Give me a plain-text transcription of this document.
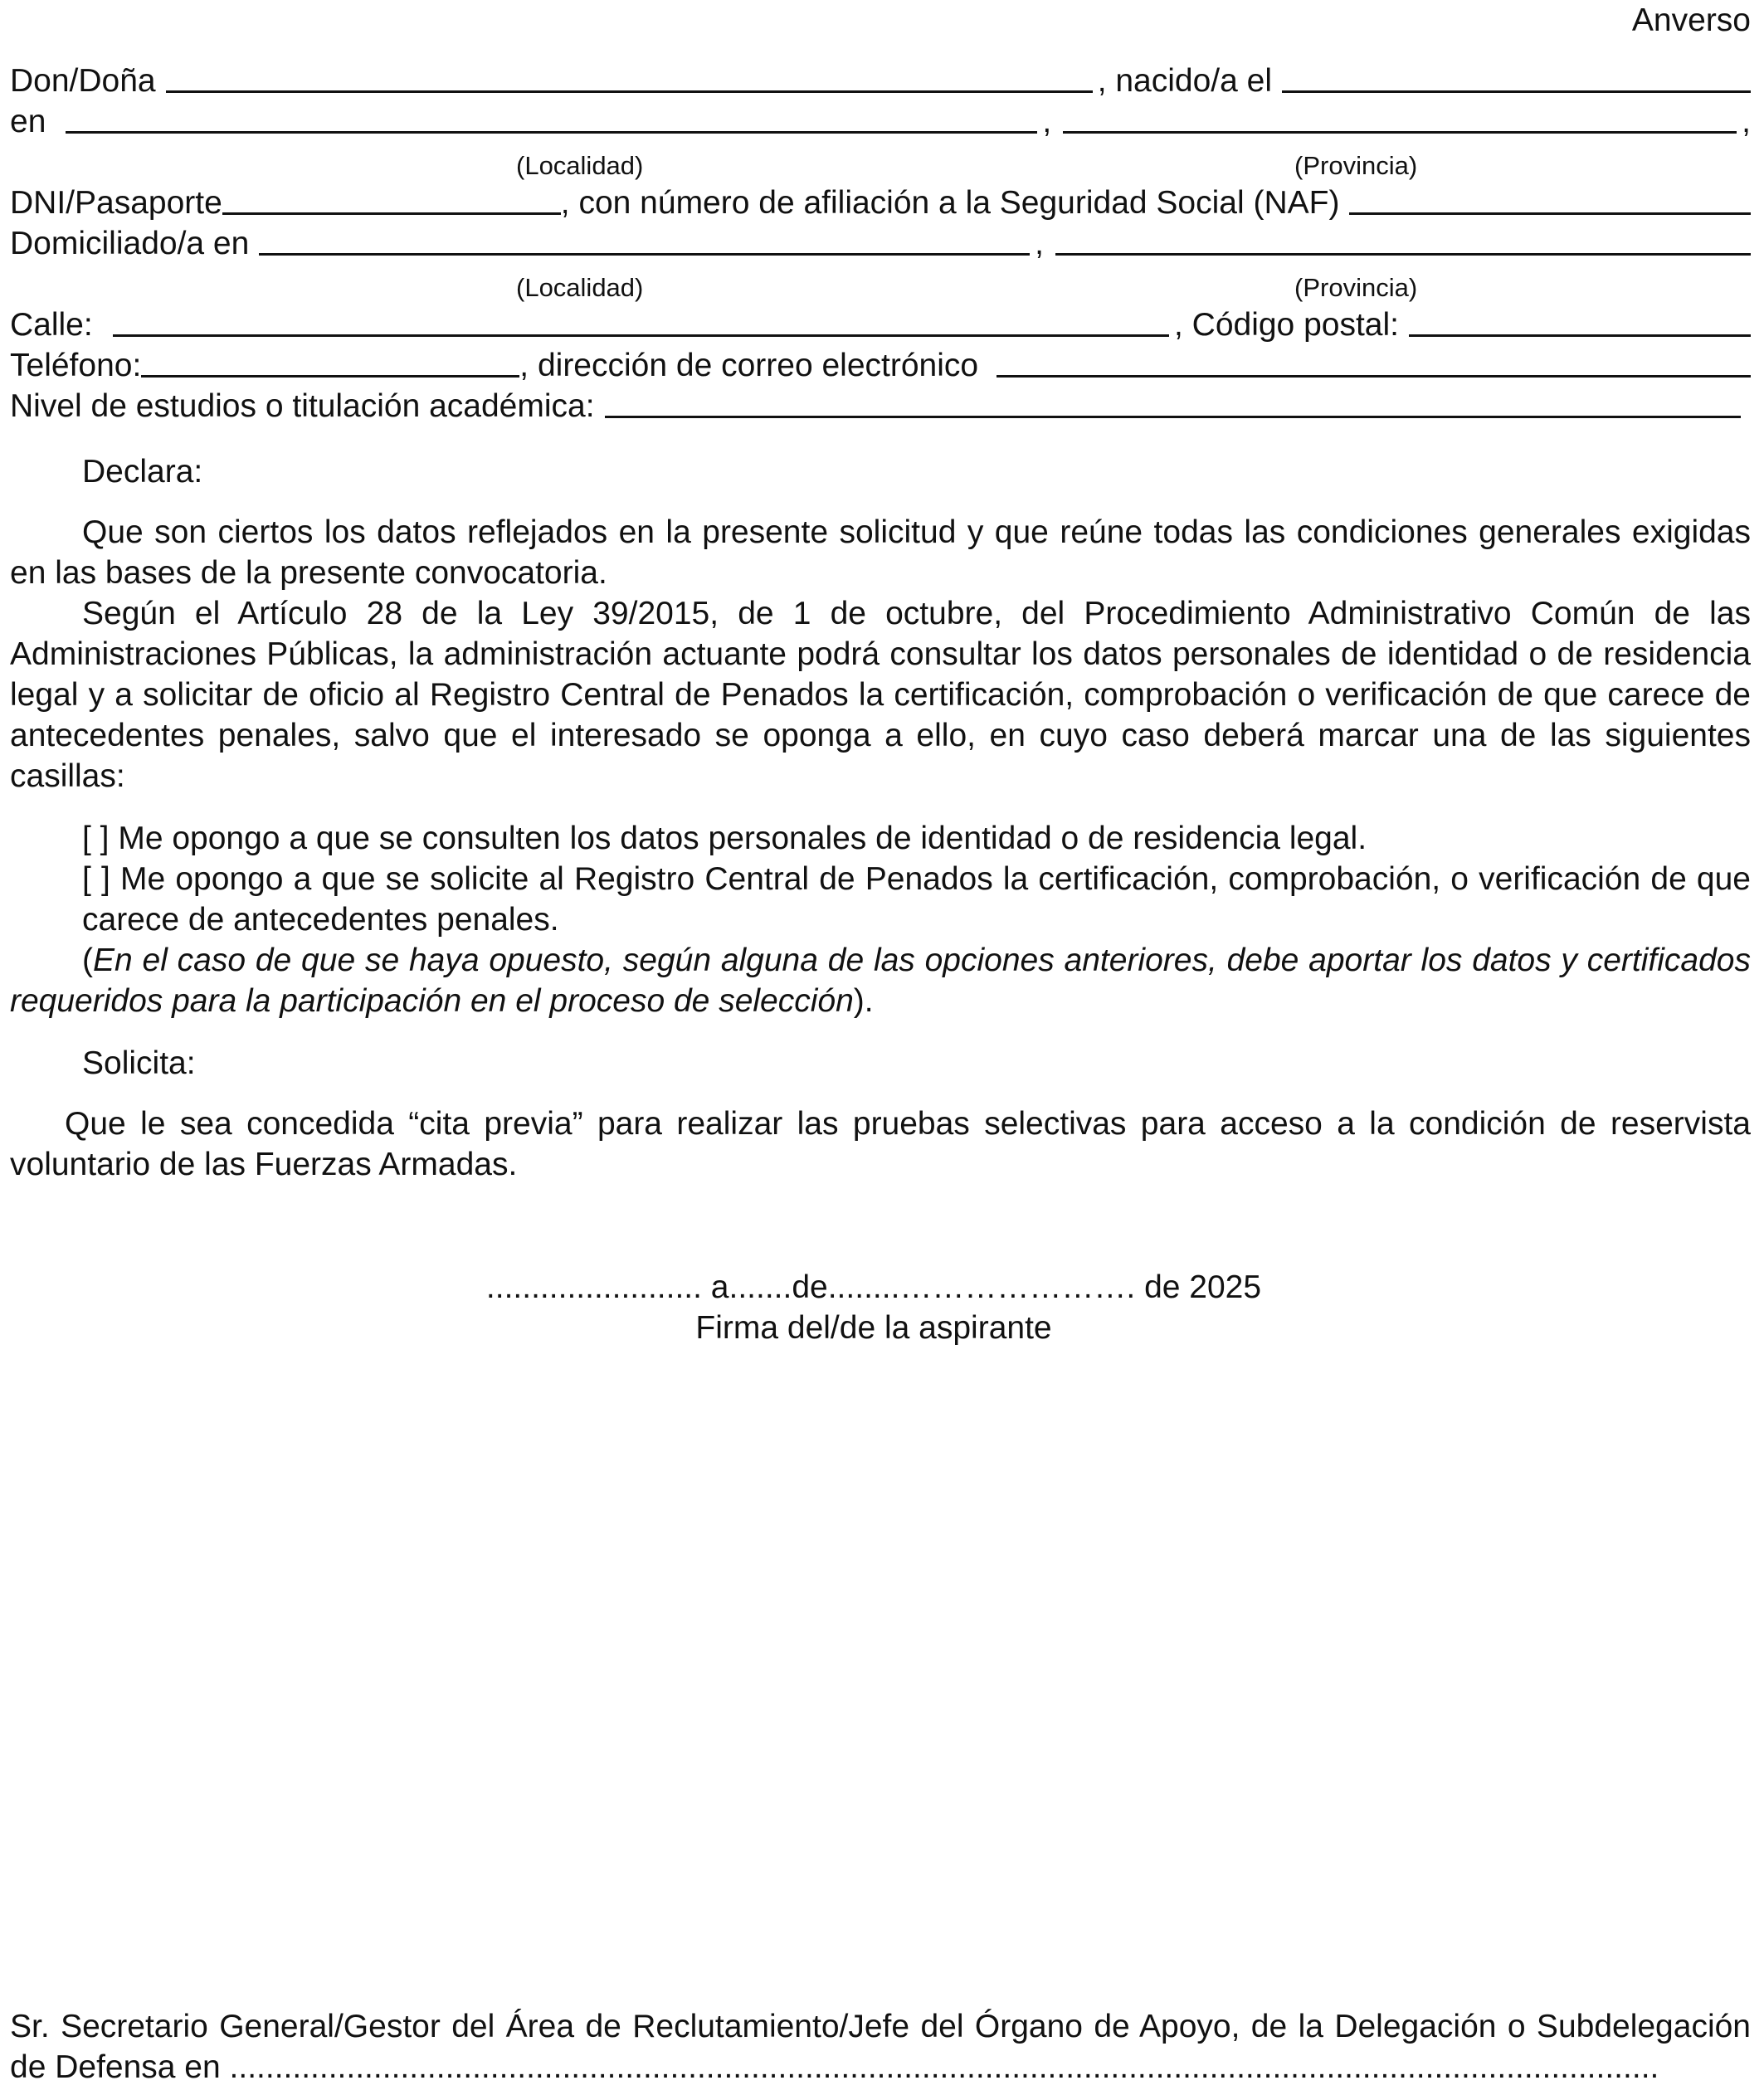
Anverso
Don/Doña	, nacido/a el
en	,	,
(Localidad)	(Provincia)
DNI/Pasaporte	, con número de afiliación a la Seguridad Social (NAF)
Domiciliado/a en	,
(Localidad)	(Provincia)
Calle:	, Código postal:
Teléfono:	, dirección de correo electrónico
Nivel de estudios o titulación académica:
Declara:

Que son ciertos los datos reflejados en la presente solicitud y que reúne todas las condiciones generales exigidas en las bases de la presente convocatoria.

Según el Artículo 28 de la Ley 39/2015, de 1 de octubre, del Procedimiento Administrativo Común de las Administraciones Públicas, la administración actuante podrá consultar los datos personales de identidad o de residencia legal y a solicitar de oficio al Registro Central de Penados la certificación, comprobación o verificación de que carece de antecedentes penales, salvo que el interesado se oponga a ello, en cuyo caso deberá marcar una de las siguientes casillas:

[ ] Me opongo a que se consulten los datos personales de identidad o de residencia legal.

[ ] Me opongo a que se solicite al Registro Central de Penados la certificación, comprobación, o verificación de que carece de antecedentes penales.

(En el caso de que se haya opuesto, según alguna de las opciones anteriores, debe aportar los datos y certificados requeridos para la participación en el proceso de selección).

Solicita:

Que le sea concedida “cita previa” para realizar las pruebas selectivas para acceso a la condición de reservista voluntario de las Fuerzas Armadas.

........................ a.......de........…………………. de 2025
Firma del/de la aspirante

Sr. Secretario General/Gestor del Área de Reclutamiento/Jefe del Órgano de Apoyo, de la Delegación o Subdelegación de Defensa en ...............................................................................................................................................................
